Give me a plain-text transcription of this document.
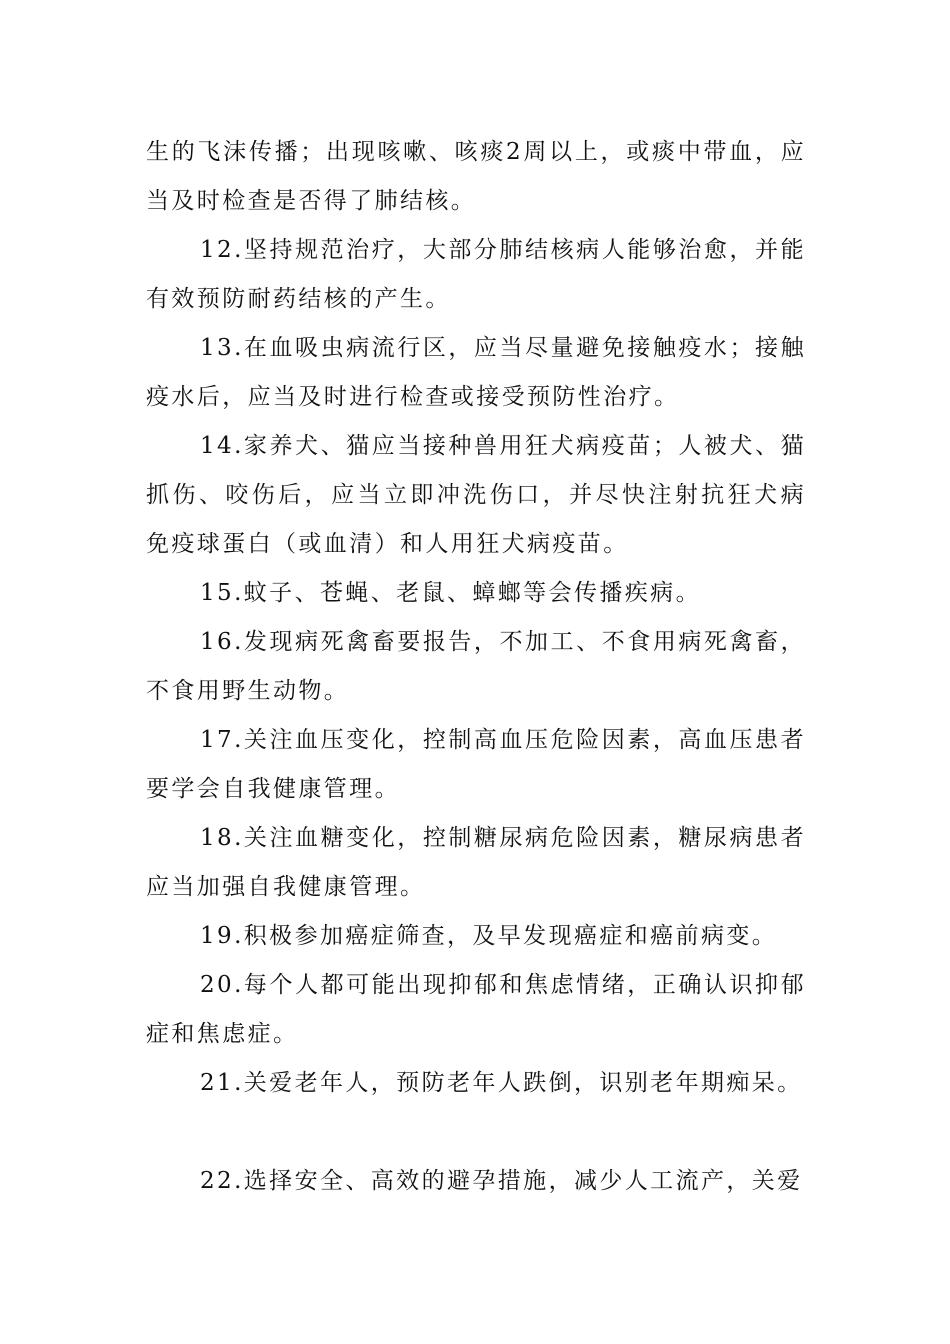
生的飞沫传播；出现咳嗽、咳痰2周以上，或痰中带血，应当及时检查是否得了肺结核。

12.坚持规范治疗，大部分肺结核病人能够治愈，并能有效预防耐药结核的产生。

13.在血吸虫病流行区，应当尽量避免接触疫水；接触疫水后，应当及时进行检查或接受预防性治疗。

14.家养犬、猫应当接种兽用狂犬病疫苗；人被犬、猫抓伤、咬伤后，应当立即冲洗伤口，并尽快注射抗狂犬病免疫球蛋白（或血清）和人用狂犬病疫苗。

15.蚊子、苍蝇、老鼠、蟑螂等会传播疾病。

16.发现病死禽畜要报告，不加工、不食用病死禽畜，不食用野生动物。

17.关注血压变化，控制高血压危险因素，高血压患者要学会自我健康管理。

18.关注血糖变化，控制糖尿病危险因素，糖尿病患者应当加强自我健康管理。

19.积极参加癌症筛查，及早发现癌症和癌前病变。

20.每个人都可能出现抑郁和焦虑情绪，正确认识抑郁症和焦虑症。

21.关爱老年人，预防老年人跌倒，识别老年期痴呆。

22.选择安全、高效的避孕措施，减少人工流产，关爱
